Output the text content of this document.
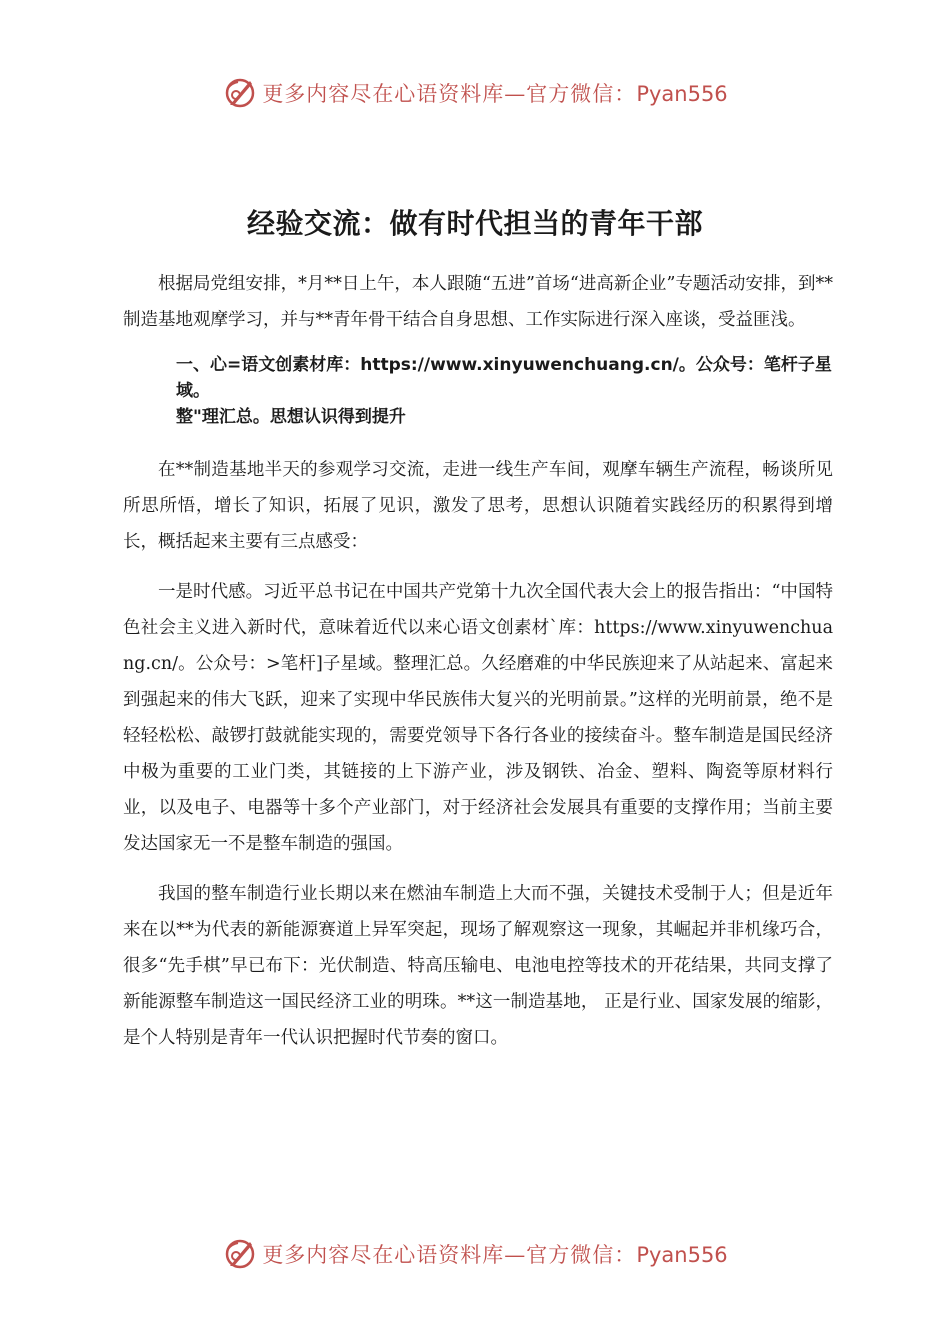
更多内容尽在心语资料库—官方微信：Pyan556
经验交流：做有时代担当的青年干部

根据局党组安排，*月**日上午，本人跟随“五进”首场“进高新企业”专题活动安排，到**制造基地观摩学习，并与**青年骨干结合自身思想、工作实际进行深入座谈，受益匪浅。

一、心=语文创素材库：https://www.xinyuwenchuang.cn/。公众号：笔杆子星域。
整"理汇总。思想认识得到提升

在**制造基地半天的参观学习交流，走进一线生产车间，观摩车辆生产流程，畅谈所见所思所悟，增长了知识，拓展了见识，激发了思考，思想认识随着实践经历的积累得到增长，概括起来主要有三点感受：

一是时代感。习近平总书记在中国共产党第十九次全国代表大会上的报告指出：“中国特色社会主义进入新时代，意味着近代以来心语文创素材`库：https://www.xinyuwenchuang.cn/。公众号：>笔杆]子星域。整理汇总。久经磨难的中华民族迎来了从站起来、富起来到强起来的伟大飞跃，迎来了实现中华民族伟大复兴的光明前景。”这样的光明前景，绝不是轻轻松松、敲锣打鼓就能实现的，需要党领导下各行各业的接续奋斗。整车制造是国民经济中极为重要的工业门类，其链接的上下游产业，涉及钢铁、冶金、塑料、陶瓷等原材料行业，以及电子、电器等十多个产业部门，对于经济社会发展具有重要的支撑作用；当前主要发达国家无一不是整车制造的强国。

我国的整车制造行业长期以来在燃油车制造上大而不强，关键技术受制于人；但是近年来在以**为代表的新能源赛道上异军突起，现场了解观察这一现象，其崛起并非机缘巧合，很多“先手棋”早已布下：光伏制造、特高压输电、电池电控等技术的开花结果，共同支撑了新能源整车制造这一国民经济工业的明珠。**这一制造基地， 正是行业、国家发展的缩影，是个人特别是青年一代认识把握时代节奏的窗口。

更多内容尽在心语资料库—官方微信：Pyan556
